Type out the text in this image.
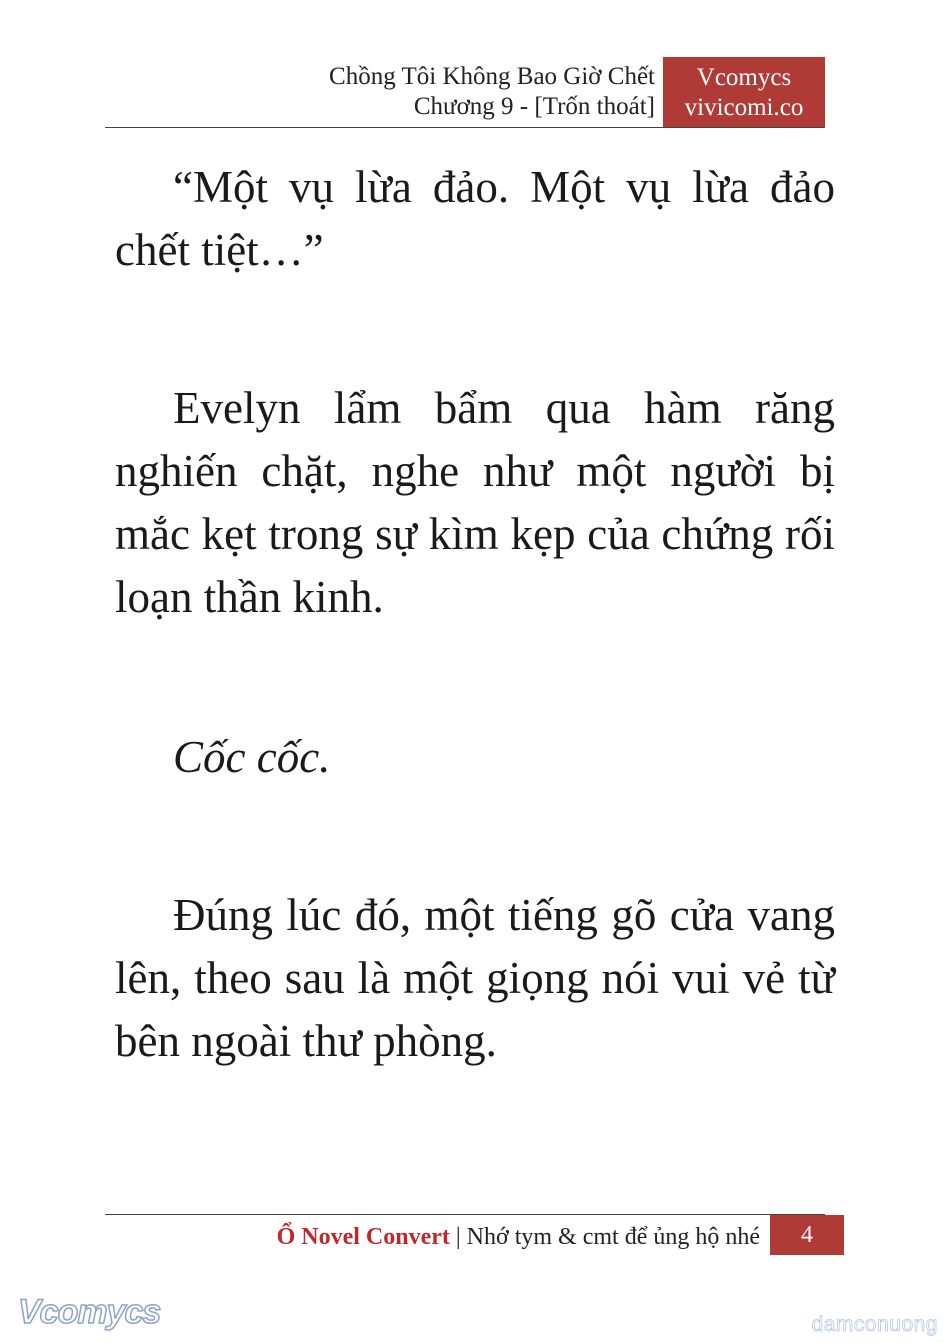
Chồng Tôi Không Bao Giờ Chết
Chương 9 - [Trốn thoát]
Vcomycs
vivicomi.co

“Một vụ lừa đảo. Một vụ lừa đảo chết tiệt…”

Evelyn lẩm bẩm qua hàm răng nghiến chặt, nghe như một người bị mắc kẹt trong sự kìm kẹp của chứng rối loạn thần kinh.

Cốc cốc.

Đúng lúc đó, một tiếng gõ cửa vang lên, theo sau là một giọng nói vui vẻ từ bên ngoài thư phòng.

Ổ Novel Convert | Nhớ tym & cmt để ủng hộ nhé	4
Vcomycs	damconuong
